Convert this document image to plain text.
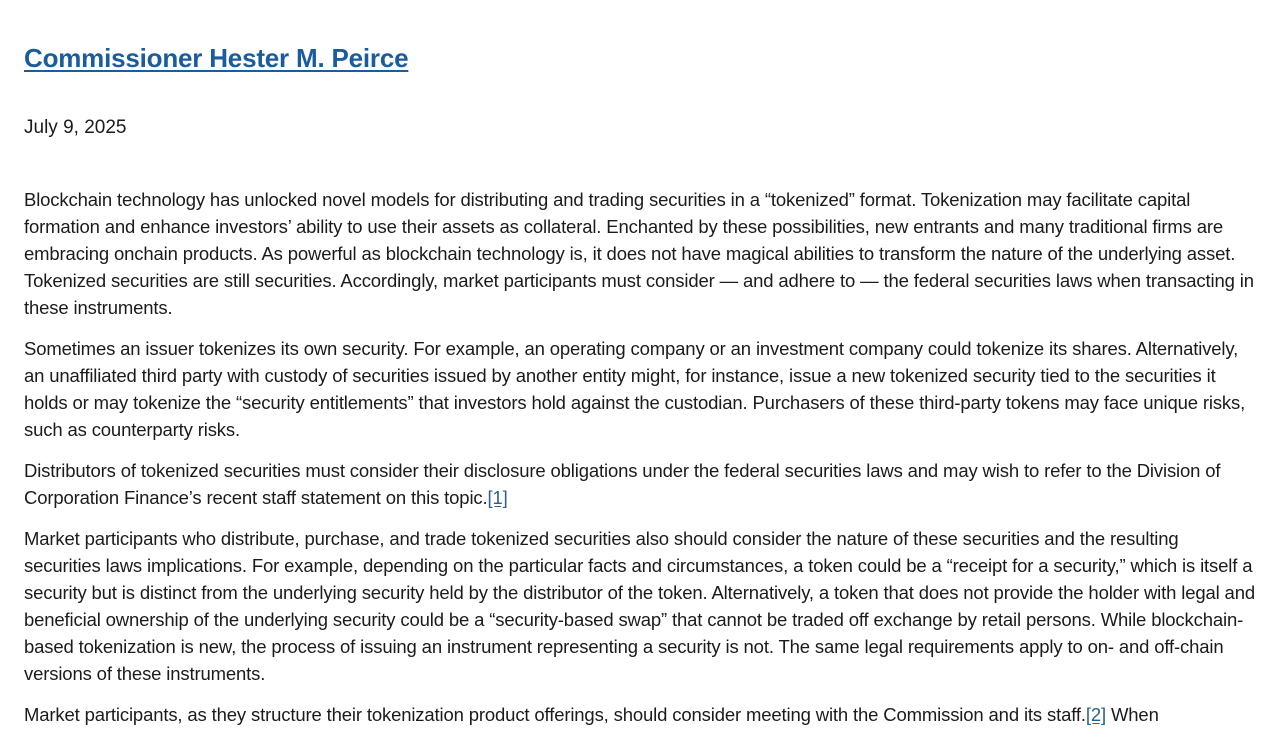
Commissioner Hester M. Peirce
July 9, 2025

Blockchain technology has unlocked novel models for distributing and trading securities in a “tokenized” format. Tokenization may facilitate capital formation and enhance investors’ ability to use their assets as collateral. Enchanted by these possibilities, new entrants and many traditional firms are embracing onchain products. As powerful as blockchain technology is, it does not have magical abilities to transform the nature of the underlying asset. Tokenized securities are still securities. Accordingly, market participants must consider — and adhere to — the federal securities laws when transacting in these instruments.

Sometimes an issuer tokenizes its own security. For example, an operating company or an investment company could tokenize its shares. Alternatively, an unaffiliated third party with custody of securities issued by another entity might, for instance, issue a new tokenized security tied to the securities it holds or may tokenize the “security entitlements” that investors hold against the custodian. Purchasers of these third-party tokens may face unique risks, such as counterparty risks.

Distributors of tokenized securities must consider their disclosure obligations under the federal securities laws and may wish to refer to the Division of Corporation Finance’s recent staff statement on this topic.[1]

Market participants who distribute, purchase, and trade tokenized securities also should consider the nature of these securities and the resulting securities laws implications. For example, depending on the particular facts and circumstances, a token could be a “receipt for a security,” which is itself a security but is distinct from the underlying security held by the distributor of the token. Alternatively, a token that does not provide the holder with legal and beneficial ownership of the underlying security could be a “security-based swap” that cannot be traded off exchange by retail persons. While blockchain-based tokenization is new, the process of issuing an instrument representing a security is not. The same legal requirements apply to on- and off-chain versions of these instruments.

Market participants, as they structure their tokenization product offerings, should consider meeting with the Commission and its staff.[2] When
